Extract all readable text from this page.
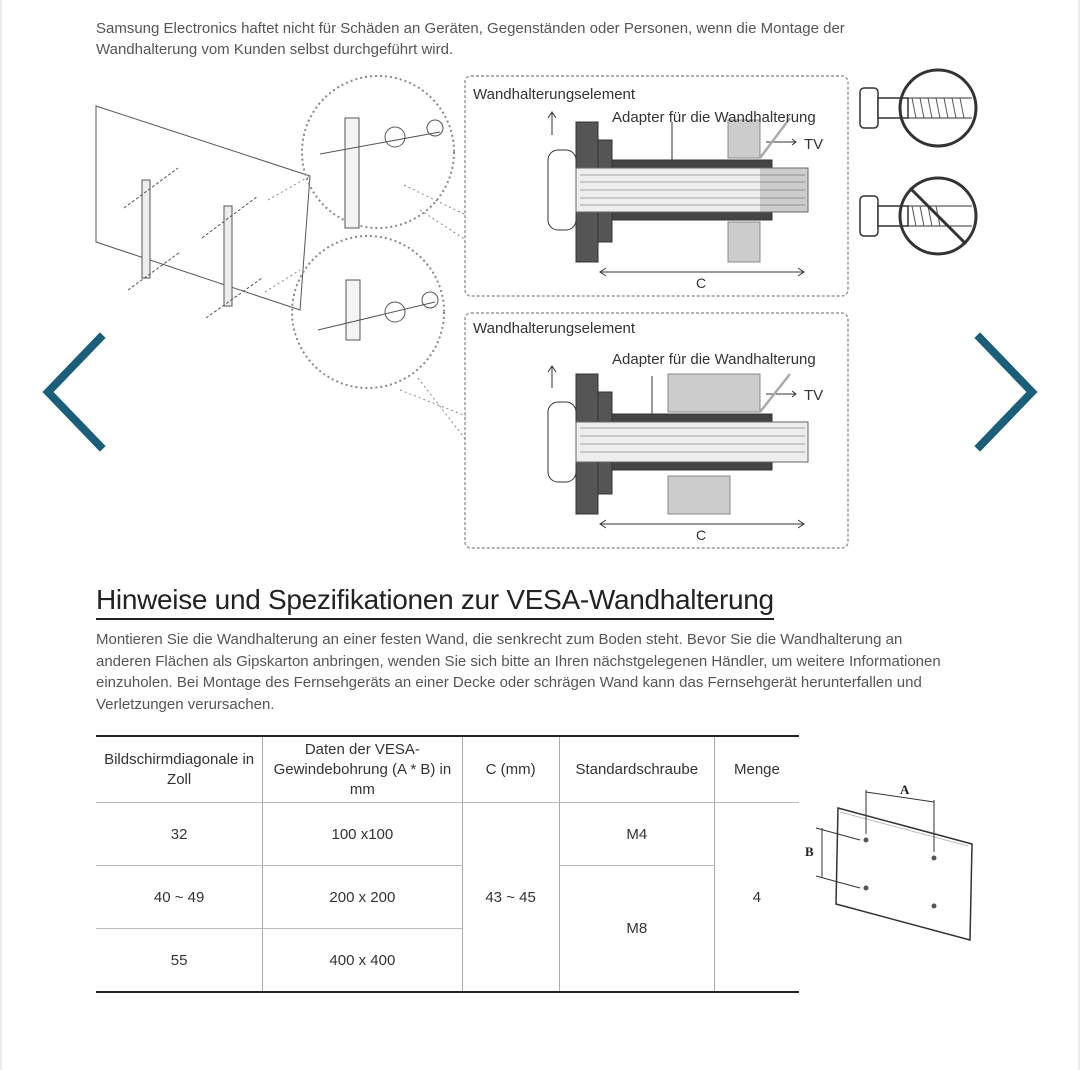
Samsung Electronics haftet nicht für Schäden an Geräten, Gegenständen oder Personen, wenn die Montage der Wandhalterung vom Kunden selbst durchgeführt wird.

Wandhalterungselement
Adapter für die Wandhalterung
TV
C
Wandhalterungselement
Adapter für die Wandhalterung
TV
C
Hinweise und Spezifikationen zur VESA-Wandhalterung

Montieren Sie die Wandhalterung an einer festen Wand, die senkrecht zum Boden steht. Bevor Sie die Wandhalterung an anderen Flächen als Gipskarton anbringen, wenden Sie sich bitte an Ihren nächstgelegenen Händler, um weitere Informationen einzuholen. Bei Montage des Fernsehgeräts an einer Decke oder schrägen Wand kann das Fernsehgerät herunterfallen und Verletzungen verursachen.

Bildschirmdiagonale in Zoll	Daten der VESA-Gewindebohrung (A * B) in mm	C (mm)	Standardschraube	Menge
32	100 x100	43 ~ 45	M4	4
40 ~ 49	200 x 200		M8	
55	400 x 400			
A
B
